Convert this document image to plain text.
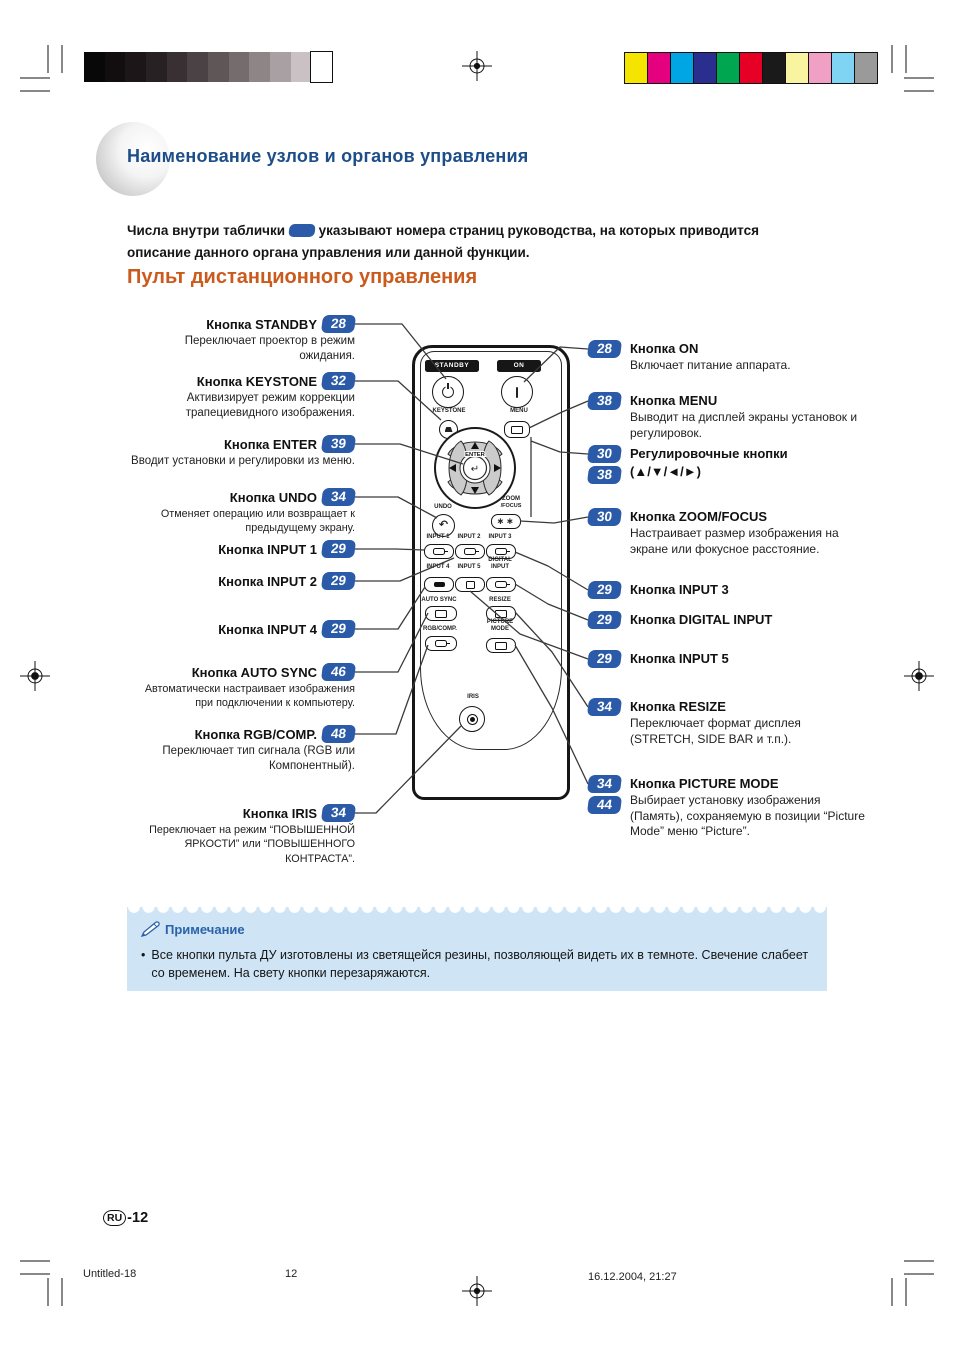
Наименование узлов и органов управления

Числа внутри таблички указывают номера страниц руководства, на которых приводится
описание данного органа управления или данной функции.

Пульт дистанционного управления
STANDBY	ON
KEYSTONE	MENU
ENTER
↵
UNDO
ZOOM
/FOCUS
↶	∗∗
INPUT 1	INPUT 2	INPUT 3
INPUT 4	INPUT 5
DIGITAL
INPUT
AUTO SYNC	RESIZE
RGB/COMP.
PICTURE
MODE
IRIS
Кнопка STANDBY 28
Переключает проектор в режим ожидания.
Кнопка KEYSTONE 32
Активизирует режим коррекции трапециевидного изображения.
Кнопка ENTER 39
Вводит установки и регулировки из меню.
Кнопка UNDO 34
Отменяет операцию или возвращает к предыдущему экрану.
Кнопка INPUT 1 29
Кнопка INPUT 2 29
Кнопка INPUT 4 29
Кнопка AUTO SYNC 46
Автоматически настраивает изображения при подключении к компьютеру.
Кнопка RGB/COMP. 48
Переключает тип сигнала (RGB или Компонентный).
Кнопка IRIS 34
Переключает на режим “ПОВЫШЕННОЙ ЯРКОСТИ” или “ПОВЫШЕННОГО КОНТРАСТА”.
28	Кнопка ON
Включает питание аппарата.
38	Кнопка MENU
Выводит на дисплей экраны установок и регулировок.
30
38
Регулировочные кнопки
(▲/▼/◄/►)
30	Кнопка ZOOM/FOCUS
Настраивает размер изображения на экране или фокусное расстояние.
29	Кнопка INPUT 3
29	Кнопка DIGITAL INPUT
29	Кнопка INPUT 5
34	Кнопка RESIZE
Переключает формат дисплея (STRETCH, SIDE BAR и т.п.).
34
44
Кнопка PICTURE MODE
Выбирает установку изображения (Память), сохраняемую в позиции “Picture Mode” меню “Picture”.
Примечание
• Все кнопки пульта ДУ изготовлены из светящейся резины, позволяющей видеть их в темноте. Свечение слабеет со временем. На свету кнопки перезаряжаются.
RU -12
Untitled-18	12	16.12.2004, 21:27
